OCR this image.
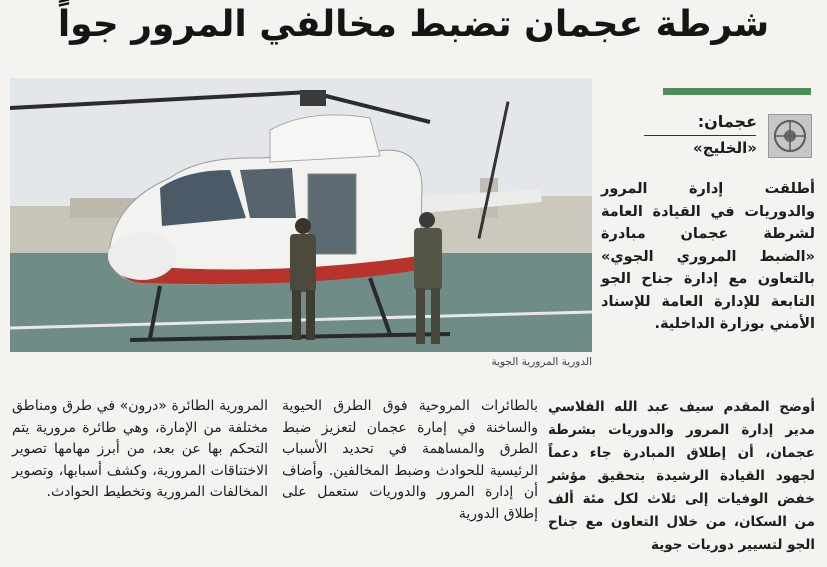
شرطة عجمان تضبط مخالفي المرور جواً
الدورية المرورية الجوية
عجمان:
«الخليج»
أطلقت إدارة المرور والدوريات في القيادة العامة لشرطة عجمان مبادرة «الضبط المروري الجوي» بالتعاون مع إدارة جناح الجو التابعة للإدارة العامة للإسناد الأمني بوزارة الداخلية.
أوضح المقدم سيف عبد الله الفلاسي مدير إدارة المرور والدوريات بشرطة عجمان، أن إطلاق المبادرة جاء دعماً لجهود القيادة الرشيدة بتحقيق مؤشر خفض الوفيات إلى ثلاث لكل مئة ألف من السكان، من خلال التعاون مع جناح الجو لتسيير دوريات جوية
بالطائرات المروحية فوق الطرق الحيوية والساخنة في إمارة عجمان لتعزيز ضبط الطرق والمساهمة في تحديد الأسباب الرئيسية للحوادث وضبط المخالفين. وأضاف أن إدارة المرور والدوريات ستعمل على إطلاق الدورية
المرورية الطائرة «درون» في طرق ومناطق مختلفة من الإمارة، وهي طائرة مرورية يتم التحكم بها عن بعد، من أبرز مهامها تصوير الاختناقات المرورية، وكشف أسبابها، وتصوير المخالفات المرورية وتخطيط الحوادث.
